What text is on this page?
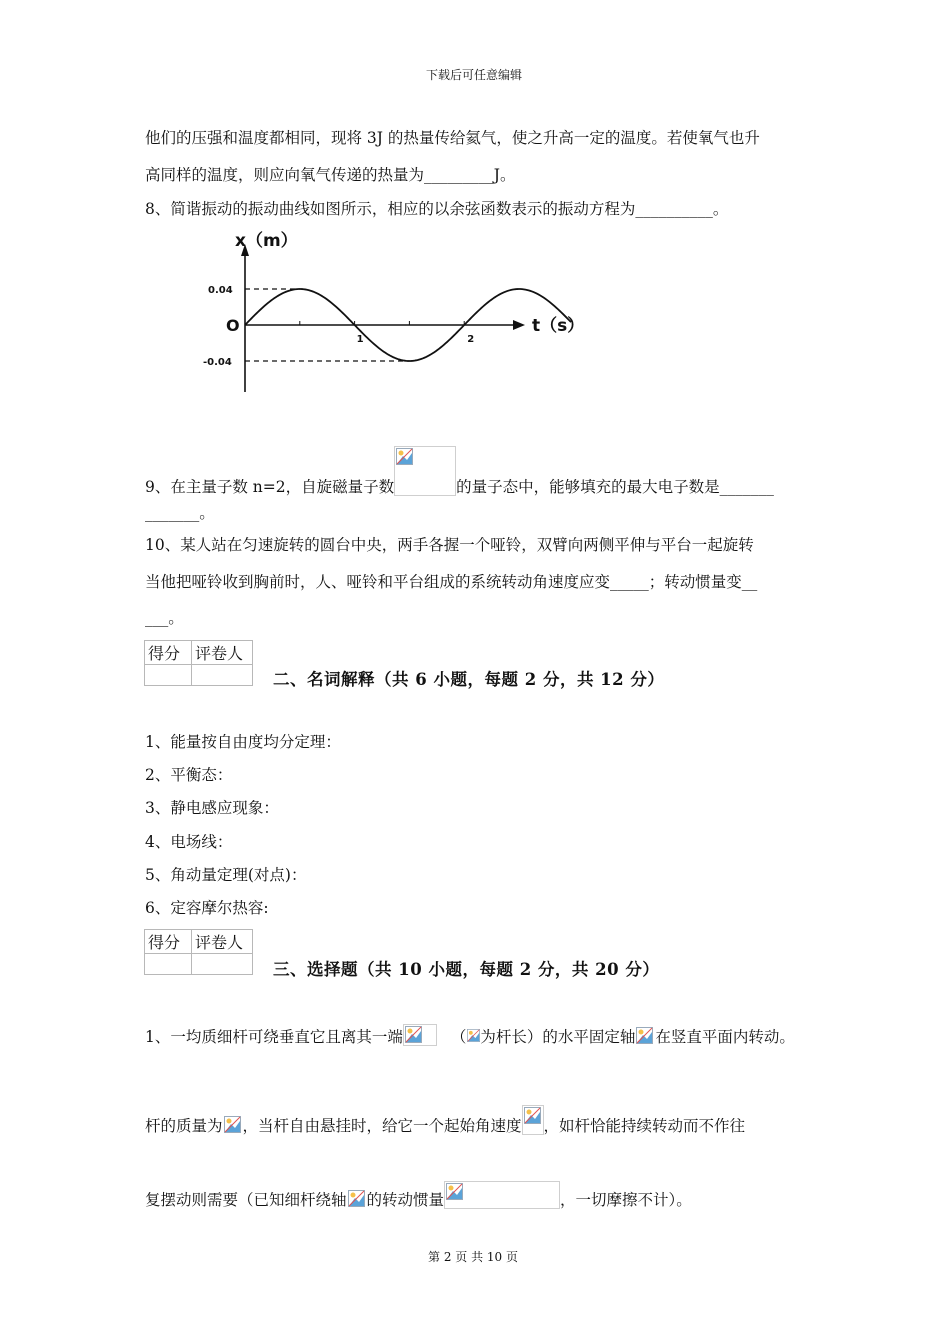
下载后可任意编辑
第 2 页 共 10 页
他们的压强和温度都相同，现将 3J 的热量传给氦气，使之升高一定的温度。若使氧气也升
高同样的温度，则应向氧气传递的热量为_________J。
8、简谐振动的振动曲线如图所示，相应的以余弦函数表示的振动方程为__________。
x（m）
t（s）
O
0.04
-0.04
1	2
9、在主量子数 n=2，自旋磁量子数	的量子态中，能够填充的最大电子数是_______
_______。
10、某人站在匀速旋转的圆台中央，两手各握一个哑铃，双臂向两侧平伸与平台一起旋转
当他把哑铃收到胸前时，人、哑铃和平台组成的系统转动角速度应变_____；转动惯量变__
___。
得分	评卷人

二、名词解释（共 6 小题，每题 2 分，共 12 分）
1、能量按自由度均分定理：
2、平衡态：
3、静电感应现象：
4、电场线：
5、角动量定理(对点)：
6、定容摩尔热容:
得分	评卷人

三、选择题（共 10 小题，每题 2 分，共 20 分）
1、一均质细杆可绕垂直它且离其一端	（ 为杆长）的水平固定轴 在竖直平面内转动。
杆的质量为 ，当杆自由悬挂时，给它一个起始角速度 ，如杆恰能持续转动而不作往
复摆动则需要（已知细杆绕轴 的转动惯量	，一切摩擦不计）。
